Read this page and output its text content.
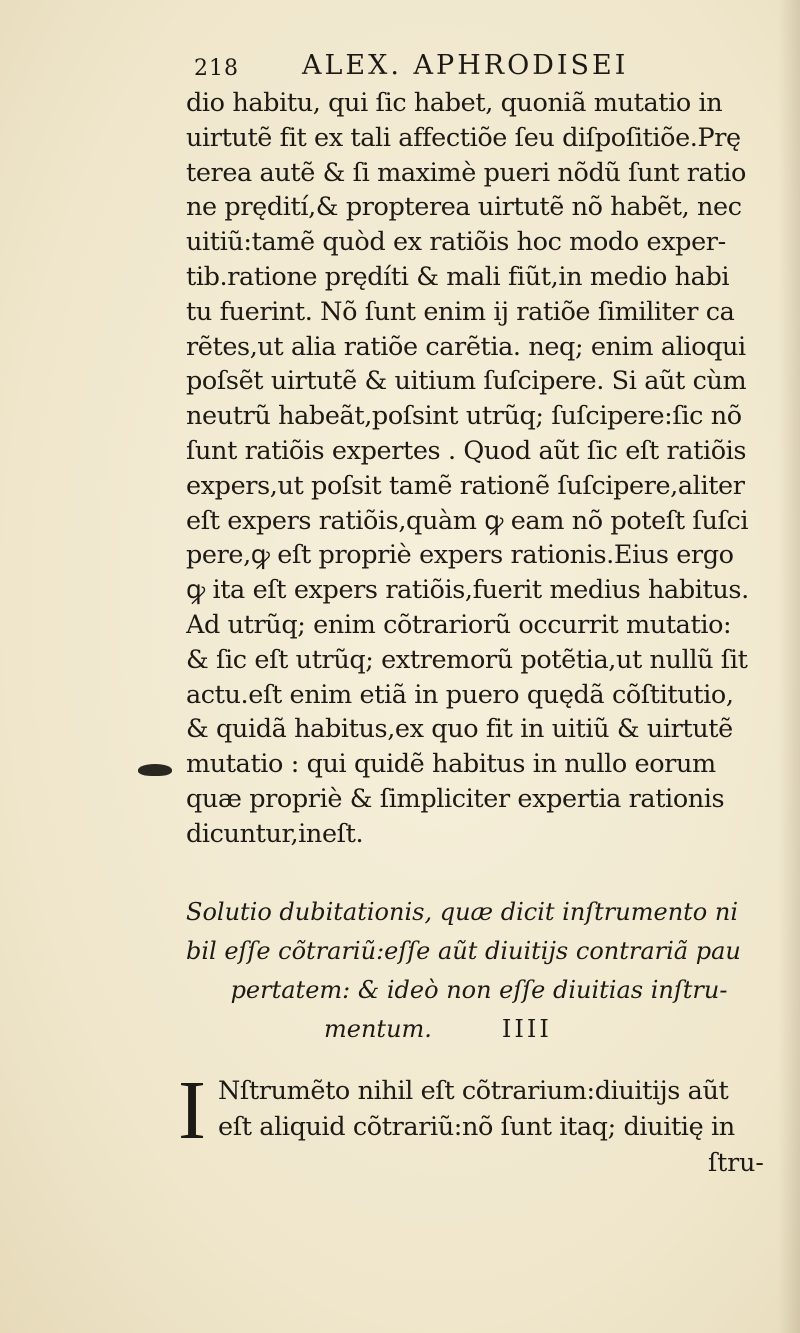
218 ALEX. APHRODISEI
dio habitu, qui ſic habet, quoniã mutatio in
uirtutẽ fit ex tali affectiõe ſeu diſpoſitiõe.Prę
terea autẽ & ſi maximè pueri nõdũ ſunt ratio
ne prędití,& propterea uirtutẽ nõ habẽt, nec
uitiũ:tamẽ quòd ex ratiõis hoc modo exper-
tib.ratione prędíti & mali fiũt,in medio habi
tu fuerint. Nõ ſunt enim ij ratiõe ſimiliter ca
rẽtes,ut alia ratiõe carẽtia. neq; enim alioqui
poſsẽt uirtutẽ & uitium ſuſcipere. Si aũt cùm
neutrũ habeãt,poſsint utrũq; ſuſcipere:ſic nõ
ſunt ratiõis expertes . Quod aũt ſic eſt ratiõis
expers,ut poſsit tamẽ rationẽ ſuſcipere,aliter
eſt expers ratiõis,quàm ꝙ eam nõ poteſt ſuſci
pere,ꝙ eſt propriè expers rationis.Eius ergo
ꝙ ita eſt expers ratiõis,fuerit medius habitus.
Ad utrũq; enim cõtrariorũ occurrit mutatio:
& ſic eſt utrũq; extremorũ potẽtia,ut nullũ ſit
actu.eſt enim etiã in puero quędã cõſtitutio,
& quidã habitus,ex quo fit in uitiũ & uirtutẽ
mutatio : qui quidẽ habitus in nullo eorum
quæ propriè & ſimpliciter expertia rationis
dicuntur,ineſt.
Solutio dubitationis, quæ dicit inſtrumento ni
bil eſſe cõtrariũ:eſſe aũt diuitijs contrariã pau
pertatem: & ideò non eſſe diuitias inſtru-
mentum.	IIII
I Nſtrumẽto nihil eſt cõtrarium:diuitijs aũt
eſt aliquid cõtrariũ:nõ ſunt itaq; diuitię in
ſtru-
